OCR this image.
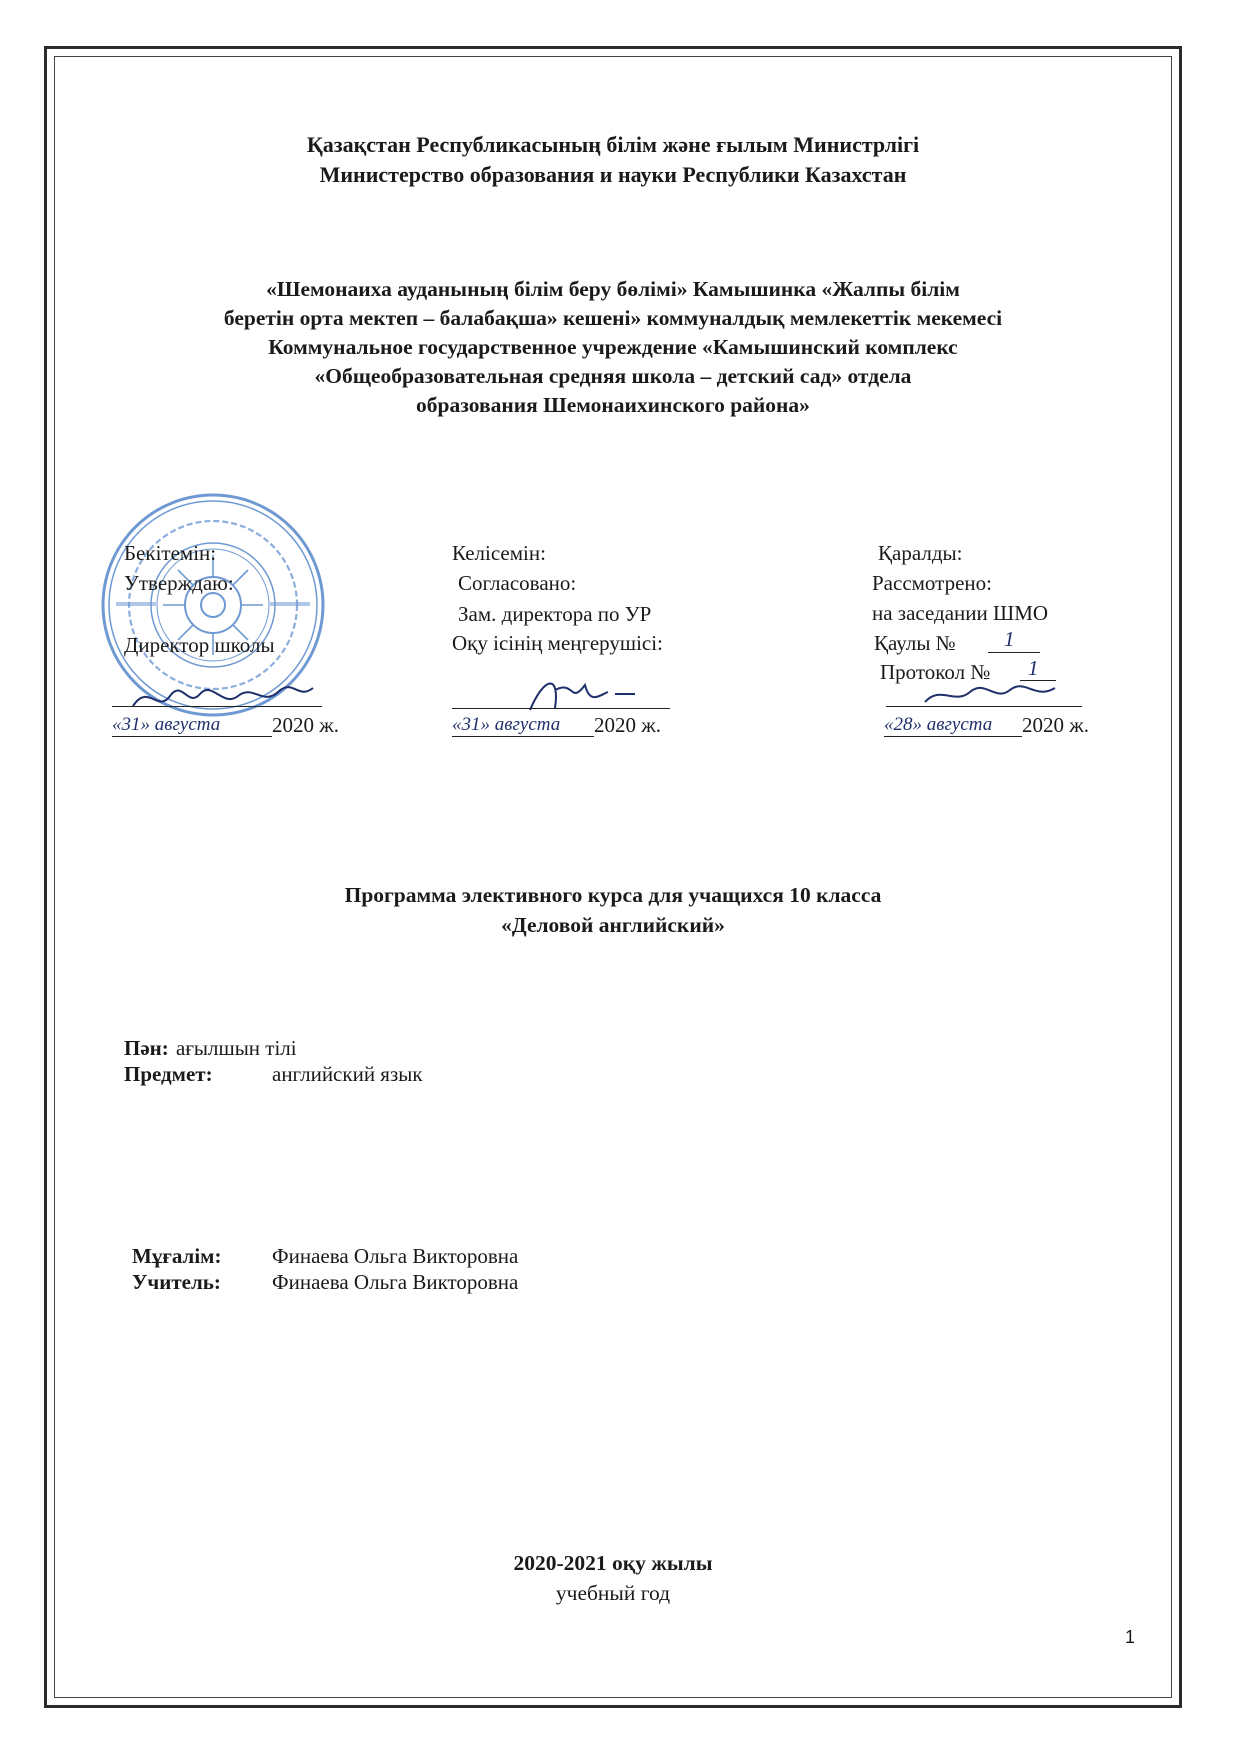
Қазақстан Республикасының білім және ғылым Министрлігі
Министерство образования и науки Республики Казахстан
«Шемонаиха ауданының білім беру бөлімі» Камышинка «Жалпы білім
беретін орта мектеп – балабақша» кешені» коммуналдық мемлекеттік мекемесі
Коммунальное государственное учреждение «Камышинский комплекс
«Общеобразовательная средняя школа – детский сад» отдела
образования Шемонаихинского района»
Бекітемін:
Утверждаю:
Директор школы
«31» августа 2020 ж.
Келісемін:
Согласовано:
Зам. директора по УР
Оқу ісінің меңгерушісі:
«31» августа 2020 ж.
Қаралды:
Рассмотрено:
на заседании ШМО
Қаулы № 1
Протокол № 1
«28» августа 2020 ж.
Программа элективного курса для учащихся 10 класса
«Деловой английский»
Пән: ағылшын тілі
Предмет:	английский язык
Мұғалім: Финаева Ольга Викторовна
Учитель: Финаева Ольга Викторовна
2020-2021 оқу жылы
учебный год
1
